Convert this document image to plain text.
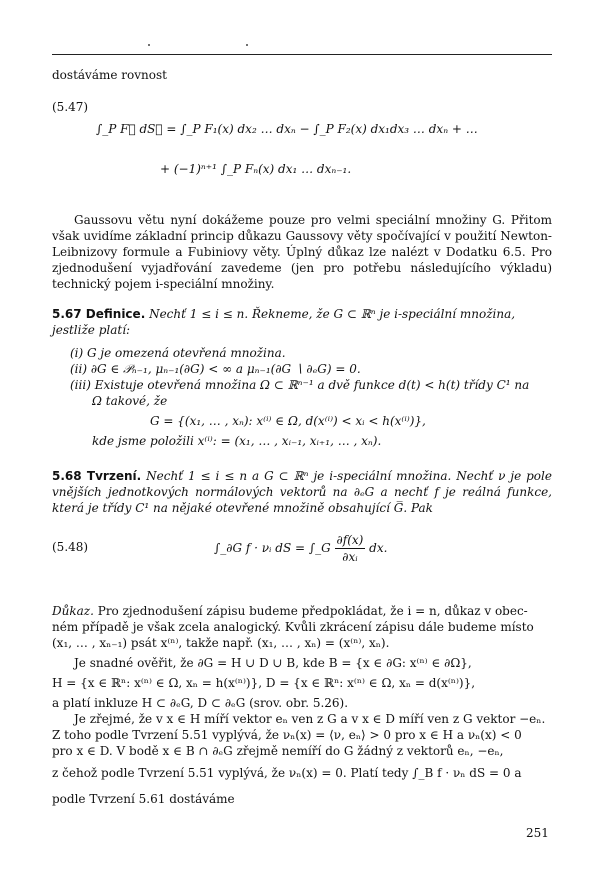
dostáváme rovnost
(5.47)
∫_P F⃗ dS⃗ = ∫_P F₁(x) dx₂ … dxₙ − ∫_P F₂(x) dx₁dx₃ … dxₙ + …
+ (−1)ⁿ⁺¹ ∫_P Fₙ(x) dx₁ … dxₙ₋₁.
Gaussovu větu nyní dokážeme pouze pro velmi speciální množiny G. Přitom však uvidíme základní princip důkazu Gaussovy věty spočívající v použití Newton-Leibnizovy formule a Fubiniovy věty. Úplný důkaz lze nalézt v Dodatku 6.5. Pro zjednodušení vyjadřování zavedeme (jen pro potřebu následujícího výkladu) technický pojem i-speciální množiny.
5.67 Definice. Nechť 1 ≤ i ≤ n. Řekneme, že G ⊂ ℝⁿ je i-speciální množina, jestliže platí:
(i) G je omezená otevřená množina.
(ii) ∂G ∈ 𝒫ₙ₋₁, μₙ₋₁(∂G) < ∞ a μₙ₋₁(∂G ∖ ∂ₑG) = 0.
(iii) Existuje otevřená množina Ω ⊂ ℝⁿ⁻¹ a dvě funkce d(t) < h(t) třídy C¹ na
Ω takové, že
G = {(x₁, … , xₙ): x⁽ⁱ⁾ ∈ Ω, d(x⁽ⁱ⁾) < xᵢ < h(x⁽ⁱ⁾)},
kde jsme položili x⁽ⁱ⁾: = (x₁, … , xᵢ₋₁, xᵢ₊₁, … , xₙ).
5.68 Tvrzení. Nechť 1 ≤ i ≤ n a G ⊂ ℝⁿ je i-speciální množina. Nechť ν je pole vnějších jednotkových normálových vektorů na ∂ₑG a nechť f je reálná funkce, která je třídy C¹ na nějaké otevřené množině obsahující G̅. Pak
(5.48)	∫_∂G f · νᵢ dS = ∫_G $\frac{\partial f(x)}{\text{∂xᵢ}}$ dx.
Důkaz. Pro zjednodušení zápisu budeme předpokládat, že i = n, důkaz v obec-
ném případě je však zcela analogický. Kvůli zkrácení zápisu dále budeme místo
(x₁, … , xₙ₋₁) psát x⁽ⁿ⁾, takže např. (x₁, … , xₙ) = (x⁽ⁿ⁾, xₙ).
Je snadné ověřit, že ∂G = H ∪ D ∪ B, kde B = {x ∈ ∂G: x⁽ⁿ⁾ ∈ ∂Ω},
H = {x ∈ ℝⁿ: x⁽ⁿ⁾ ∈ Ω, xₙ = h(x⁽ⁿ⁾)}, D = {x ∈ ℝⁿ: x⁽ⁿ⁾ ∈ Ω, xₙ = d(x⁽ⁿ⁾)},
a platí inkluze H ⊂ ∂ₑG, D ⊂ ∂ₑG (srov. obr. 5.26).
Je zřejmé, že v x ∈ H míří vektor eₙ ven z G a v x ∈ D míří ven z G vektor −eₙ.
Z toho podle Tvrzení 5.51 vyplývá, že νₙ(x) = ⟨ν, eₙ⟩ > 0 pro x ∈ H a νₙ(x) < 0
pro x ∈ D. V bodě x ∈ B ∩ ∂ₑG zřejmě nemíří do G žádný z vektorů eₙ, −eₙ,
z čehož podle Tvrzení 5.51 vyplývá, že νₙ(x) = 0. Platí tedy ∫_B f · νₙ dS = 0 a
podle Tvrzení 5.61 dostáváme
251
